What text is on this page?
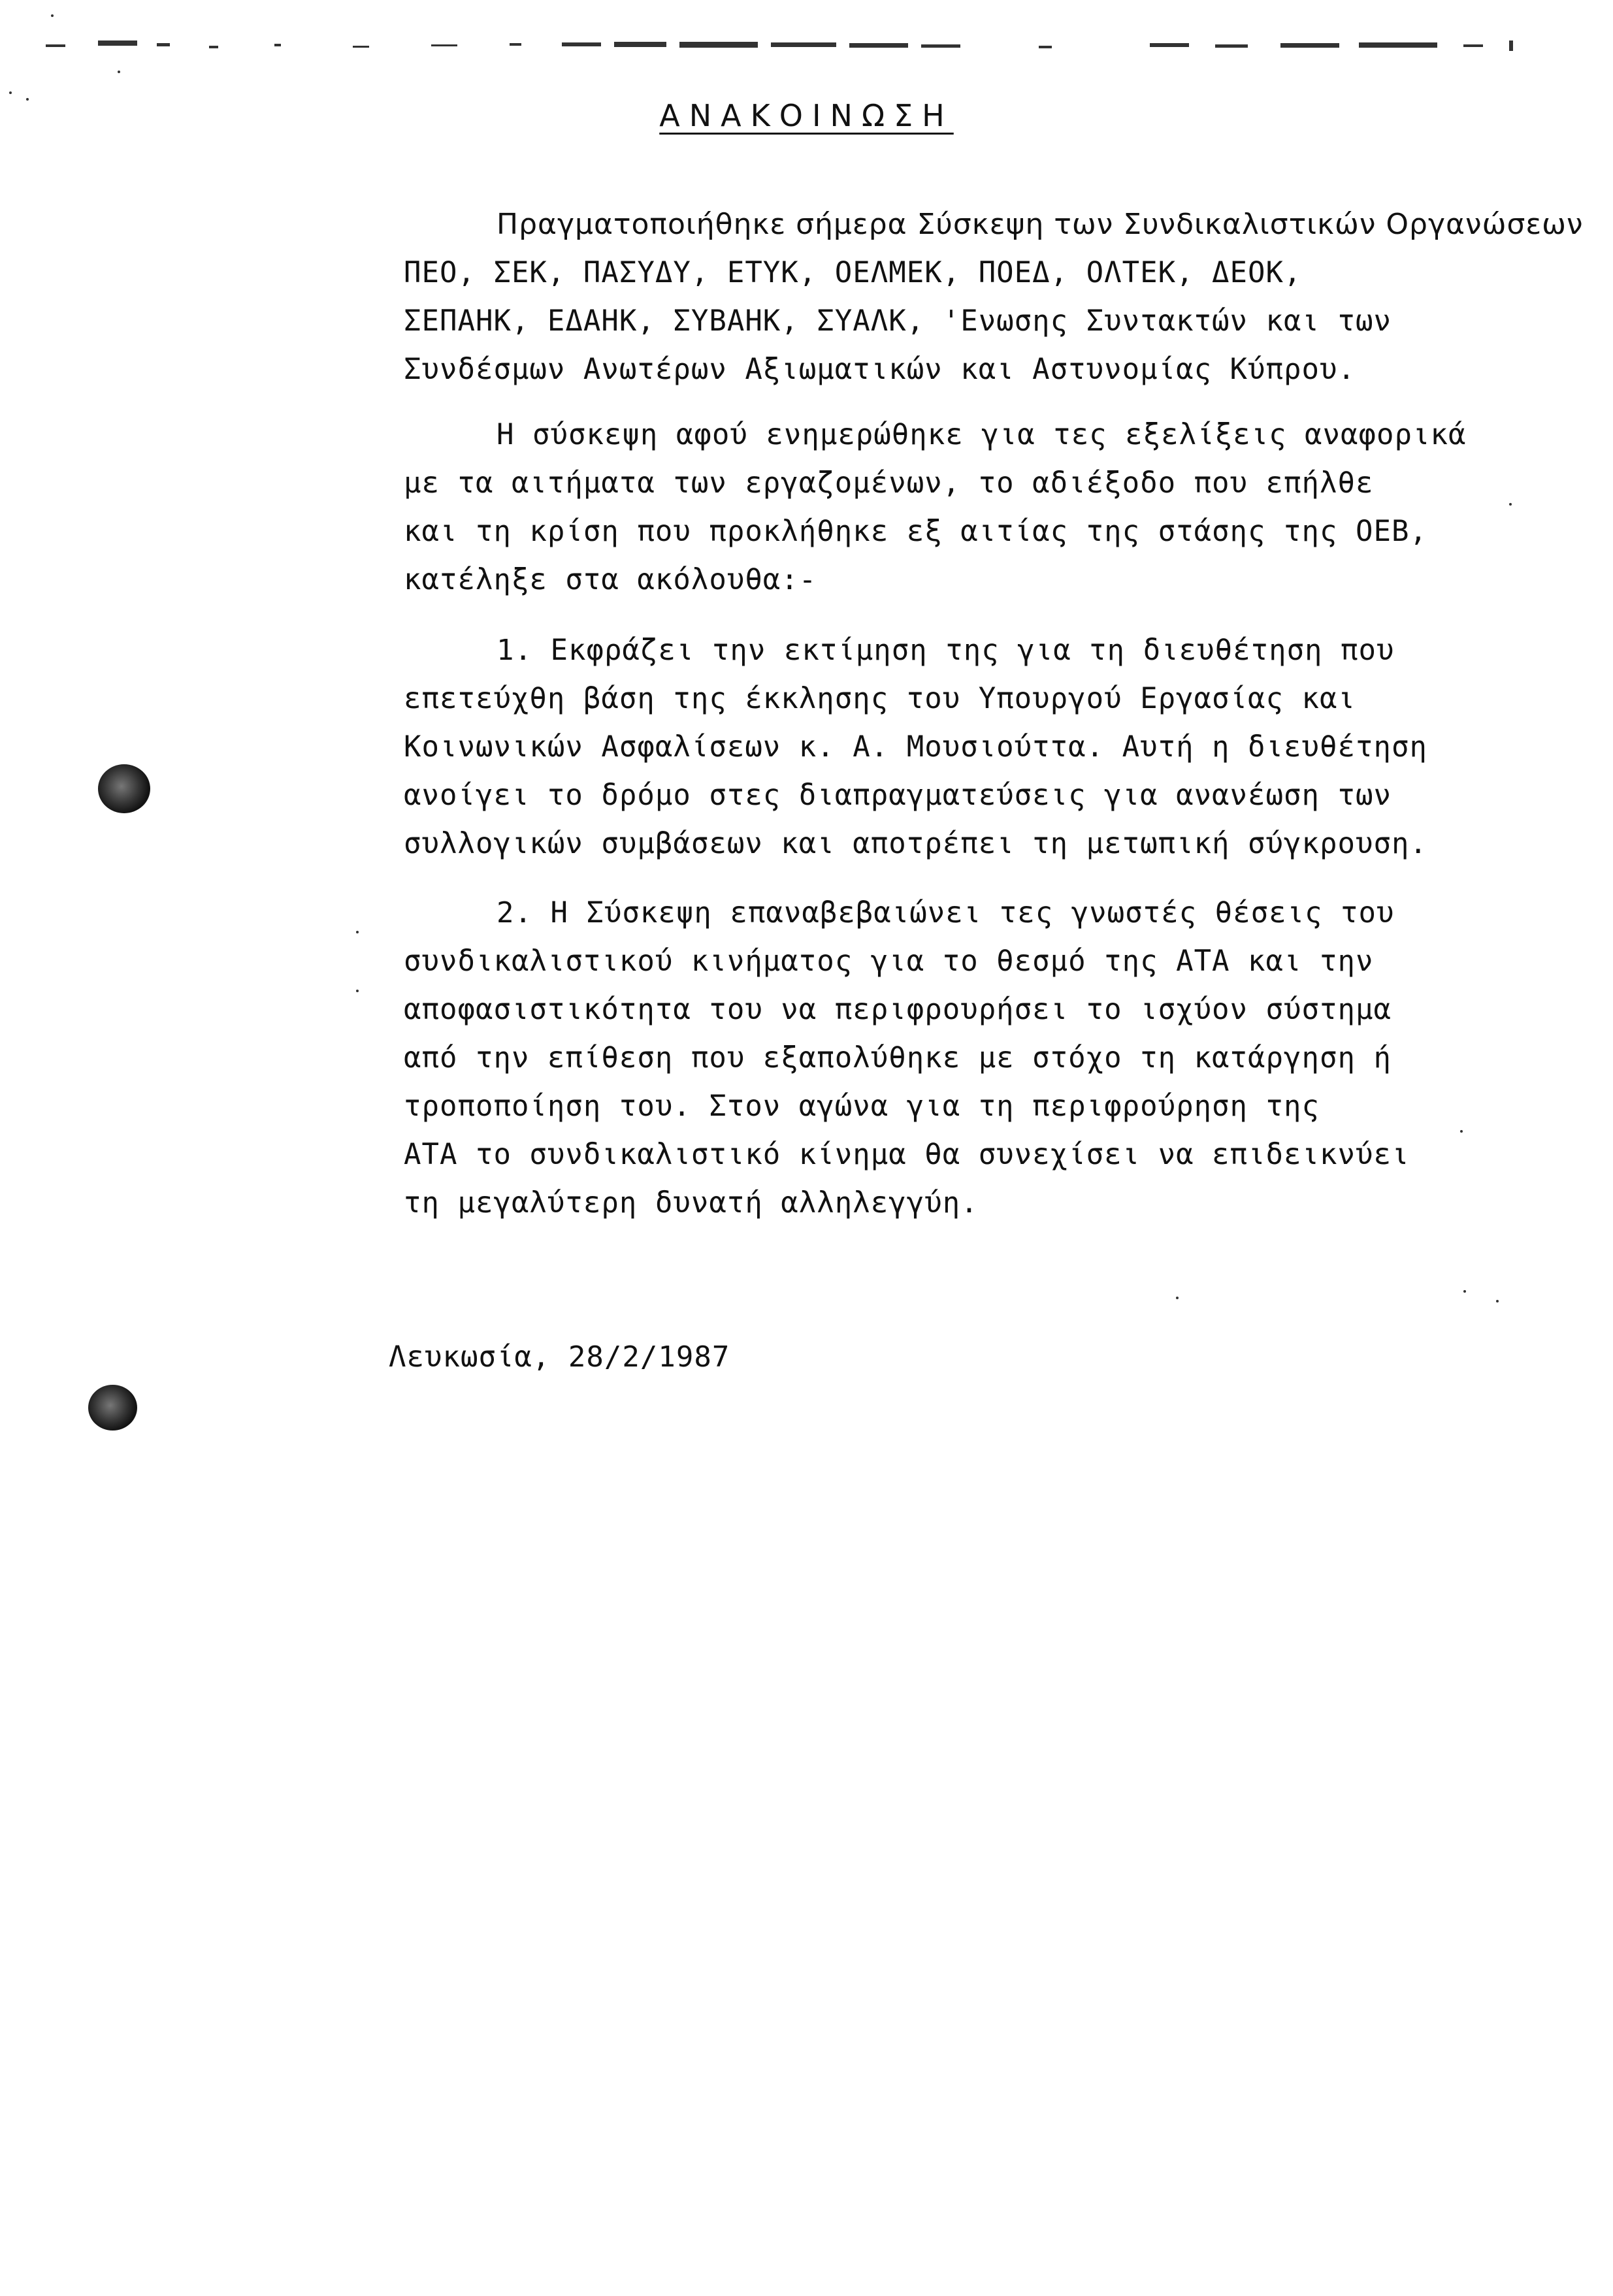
ΑΝΑΚΟΙΝΩΣΗ
Πραγματοποιήθηκε σήμερα Σύσκεψη των Συνδικαλιστικών Οργανώσεων
ΠΕΟ, ΣΕΚ, ΠΑΣΥΔΥ, ΕΤΥΚ, ΟΕΛΜΕΚ, ΠΟΕΔ, ΟΛΤΕΚ, ΔΕΟΚ,
ΣΕΠΑΗΚ, ΕΔΑΗΚ, ΣΥΒΑΗΚ, ΣΥΑΛΚ, 'Ενωσης Συντακτών και των
Συνδέσμων Ανωτέρων Αξιωματικών και Αστυνομίας Κύπρου.
Η σύσκεψη αφού ενημερώθηκε για τες εξελίξεις αναφορικά
με τα αιτήματα των εργαζομένων, το αδιέξοδο που επήλθε
και τη κρίση που προκλήθηκε εξ αιτίας της στάσης της ΟΕΒ,
κατέληξε στα ακόλουθα:-
1. Εκφράζει την εκτίμηση της για τη διευθέτηση που
επετεύχθη βάση της έκκλησης του Υπουργού Εργασίας και
Κοινωνικών Ασφαλίσεων κ. Α. Μουσιούττα. Αυτή η διευθέτηση
ανοίγει το δρόμο στες διαπραγματεύσεις για ανανέωση των
συλλογικών συμβάσεων και αποτρέπει τη μετωπική σύγκρουση.
2. Η Σύσκεψη επαναβεβαιώνει τες γνωστές θέσεις του
συνδικαλιστικού κινήματος για το θεσμό της ΑΤΑ και την
αποφασιστικότητα του να περιφρουρήσει το ισχύον σύστημα
από την επίθεση που εξαπολύθηκε με στόχο τη κατάργηση ή
τροποποίηση του. Στον αγώνα για τη περιφρούρηση της
ΑΤΑ το συνδικαλιστικό κίνημα θα συνεχίσει να επιδεικνύει
τη μεγαλύτερη δυνατή αλληλεγγύη.
Λευκωσία, 28/2/1987
